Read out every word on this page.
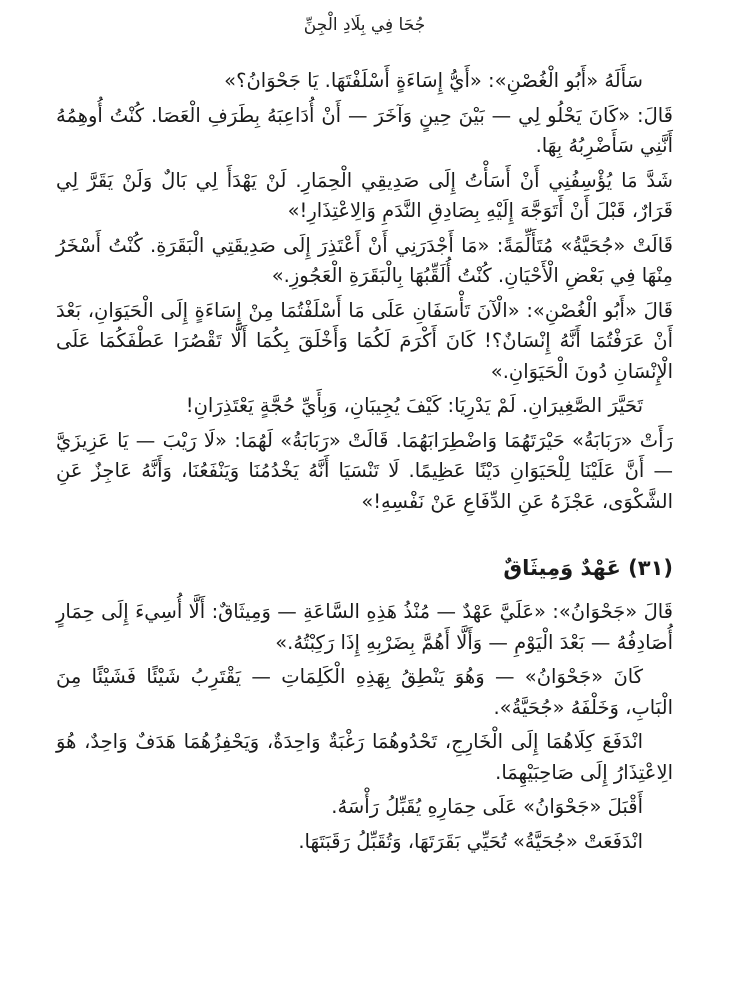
جُحَا فِي بِلَادِ الْجِنِّ

سَأَلَهُ «أَبُو الْغُصْنِ»: «أَيُّ إِسَاءَةٍ أَسْلَفْتَهَا. يَا جَحْوَانُ؟»

قَالَ: «كَانَ يَحْلُو لِي — بَيْنَ حِينٍ وَآخَرَ — أَنْ أُدَاعِبَهُ بِطَرَفِ الْعَصَا. كُنْتُ أُوهِمُهُ أَنَّنِي سَأَضْرِبُهُ بِهَا.

شَدَّ مَا يُؤْسِفُنِي أَنْ أَسَأْتُ إِلَى صَدِيقِي الْحِمَارِ. لَنْ يَهْدَأَ لِي بَالٌ وَلَنْ يَقَرَّ لِي قَرَارٌ، قَبْلَ أَنْ أَتَوَجَّهَ إِلَيْهِ بِصَادِقِ النَّدَمِ وَالِاعْتِذَارِ!»

قَالَتْ «جُحَيَّةُ» مُتَأَلِّمَةً: «مَا أَجْدَرَنِي أَنْ أَعْتَذِرَ إِلَى صَدِيقَتِي الْبَقَرَةِ. كُنْتُ أَسْخَرُ مِنْهَا فِي بَعْضِ الْأَحْيَانِ. كُنْتُ أُلَقِّبُهَا بِالْبَقَرَةِ الْعَجُوزِ.»

قَالَ «أَبُو الْغُصْنِ»: «الْآنَ تَأْسَفَانِ عَلَى مَا أَسْلَفْتُمَا مِنْ إِسَاءَةٍ إِلَى الْحَيَوَانِ، بَعْدَ أَنْ عَرَفْتُمَا أَنَّهُ إِنْسَانٌ؟! كَانَ أَكْرَمَ لَكُمَا وَأَخْلَقَ بِكُمَا أَلَّا تَقْصُرَا عَطْفَكُمَا عَلَى الْإِنْسَانِ دُونَ الْحَيَوَانِ.»

تَحَيَّرَ الصَّغِيرَانِ. لَمْ يَدْرِيَا: كَيْفَ يُجِيبَانِ، وَبِأَيِّ حُجَّةٍ يَعْتَذِرَانِ!

رَأَتْ «رَبَابَةُ» حَيْرَتَهُمَا وَاضْطِرَابَهُمَا. قَالَتْ «رَبَابَةُ» لَهُمَا: «لَا رَيْبَ — يَا عَزِيزَيَّ — أَنَّ عَلَيْنَا لِلْحَيَوَانِ دَيْنًا عَظِيمًا. لَا تَنْسَيَا أَنَّهُ يَخْدُمُنَا وَيَنْفَعُنَا، وَأَنَّهُ عَاجِزٌ عَنِ الشَّكْوَى، عَجْزَهُ عَنِ الدِّفَاعِ عَنْ نَفْسِهِ!»

(٣١) عَهْدٌ وَمِيثَاقٌ

قَالَ «جَحْوَانُ»: «عَلَيَّ عَهْدٌ — مُنْذُ هَذِهِ السَّاعَةِ — وَمِيثَاقٌ: أَلَّا أُسِيءَ إِلَى حِمَارٍ أُصَادِفُهُ — بَعْدَ الْيَوْمِ — وَأَلَّا أَهُمَّ بِضَرْبِهِ إِذَا رَكِبْتُهُ.»

كَانَ «جَحْوَانُ» — وَهُوَ يَنْطِقُ بِهَذِهِ الْكَلِمَاتِ — يَقْتَرِبُ شَيْئًا فَشَيْئًا مِنَ الْبَابِ، وَخَلْفَهُ «جُحَيَّةُ».

انْدَفَعَ كِلَاهُمَا إِلَى الْخَارِجِ، تَحْدُوهُمَا رَغْبَةٌ وَاحِدَةٌ، وَيَحْفِزُهُمَا هَدَفٌ وَاحِدٌ، هُوَ الِاعْتِذَارُ إِلَى صَاحِبَيْهِمَا.

أَقْبَلَ «جَحْوَانُ» عَلَى حِمَارِهِ يُقَبِّلُ رَأْسَهُ.

انْدَفَعَتْ «جُحَيَّةُ» تُحَيِّي بَقَرَتَهَا، وَتُقَبِّلُ رَقَبَتَهَا.
